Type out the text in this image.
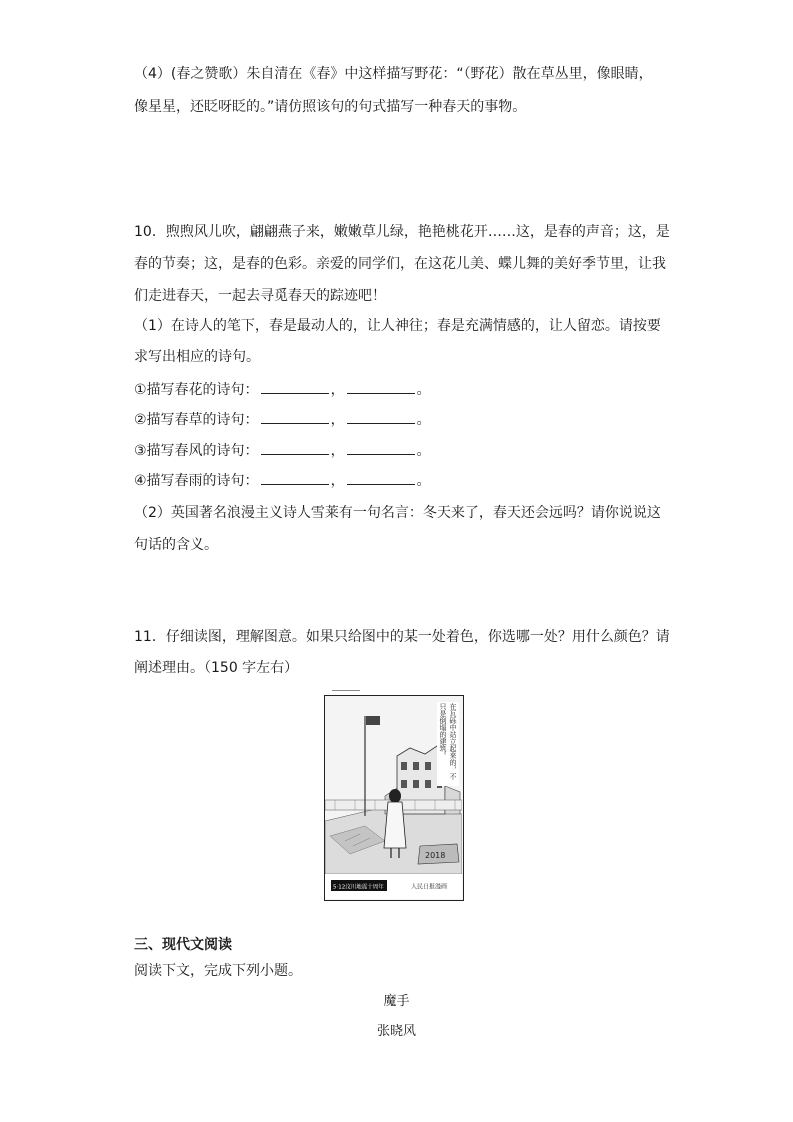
（4）(春之赞歌）朱自清在《春》中这样描写野花：“（野花）散在草丛里，像眼睛，
像星星，还眨呀眨的。”请仿照该句的句式描写一种春天的事物。
10．煦煦风儿吹，翩翩燕子来，嫩嫩草儿绿，艳艳桃花开……这，是春的声音；这，是
春的节奏；这，是春的色彩。亲爱的同学们，在这花儿美、蝶儿舞的美好季节里，让我
们走进春天，一起去寻觅春天的踪迹吧！
（1）在诗人的笔下，春是最动人的，让人神往；春是充满情感的，让人留恋。请按要
求写出相应的诗句。
①描写春花的诗句：	，	。
②描写春草的诗句：	，	。
③描写春风的诗句：	，	。
④描写春雨的诗句：	，	。
（2）英国著名浪漫主义诗人雪莱有一句名言：冬天来了，春天还会远吗？请你说说这
句话的含义。
11．仔细读图，理解图意。如果只给图中的某一处着色，你选哪一处？用什么颜色？请
阐述理由。（150 字左右）
2018
5·12汶川地震十周年	人民日报漫画
在瓦砾中站立起来的，不只是倒塌的建筑。
三、现代文阅读
阅读下文，完成下列小题。
魔手
张晓风
